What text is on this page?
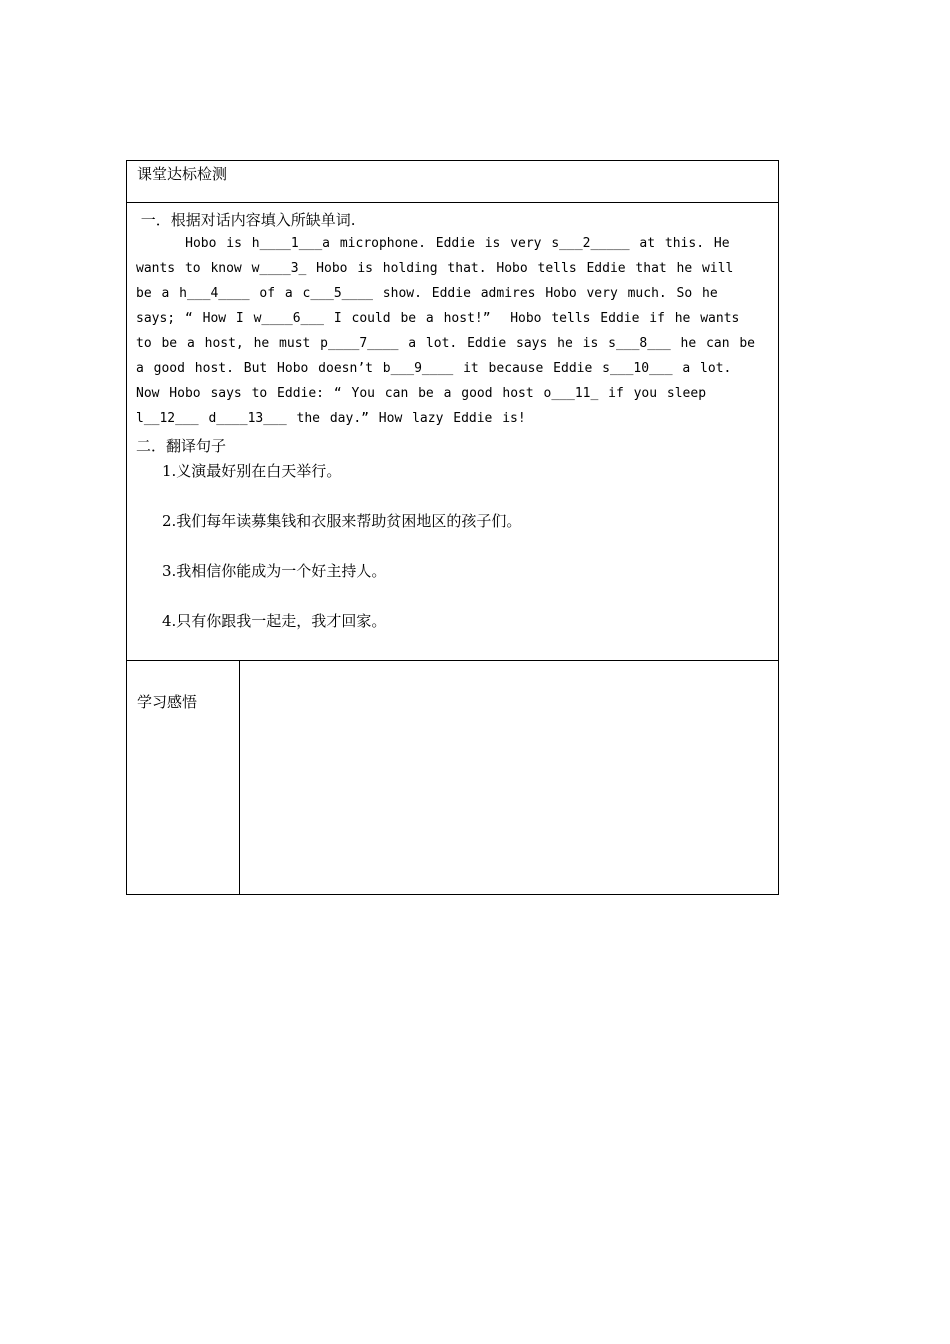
课堂达标检测

一．根据对话内容填入所缺单词.

Hobo is h____1___a microphone. Eddie is very s___2_____ at this. He
wants to know w____3_ Hobo is holding that. Hobo tells Eddie that he will
be a h___4____ of a c___5____ show. Eddie admires Hobo very much. So he
says; “ How I w____6___ I could be a host!”  Hobo tells Eddie if he wants
to be a host, he must p____7____ a lot. Eddie says he is s___8___ he can be
a good host. But Hobo doesn’t b___9____ it because Eddie s___10___ a lot.
Now Hobo says to Eddie: “ You can be a good host o___11_ if you sleep
l__12___ d____13___ the day.” How lazy Eddie is!

二．翻译句子

1.义演最好别在白天举行。

2.我们每年读募集钱和衣服来帮助贫困地区的孩子们。

3.我相信你能成为一个好主持人。

4.只有你跟我一起走，我才回家。

学习感悟	
